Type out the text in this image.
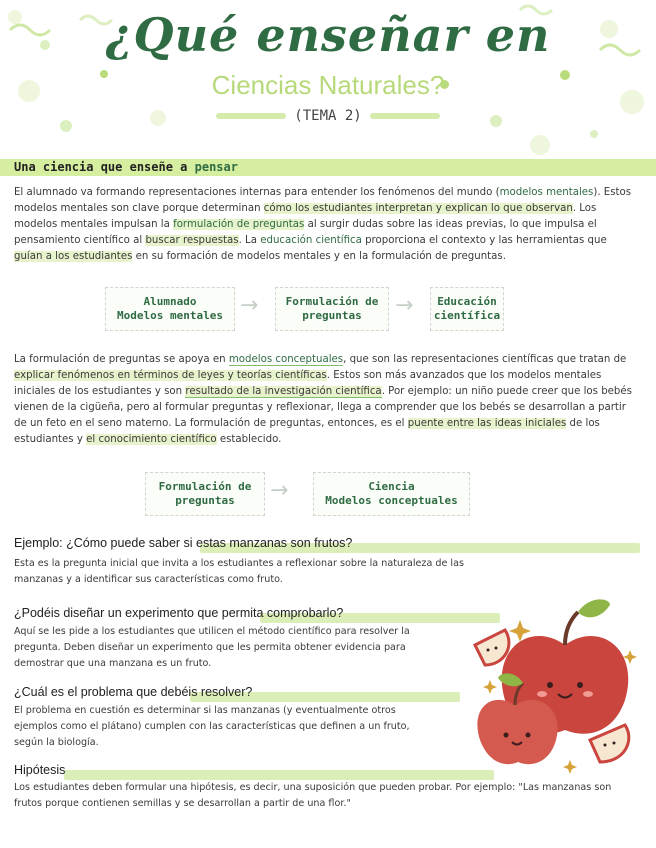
¿Qué enseñar en
Ciencias Naturales?
(TEMA 2)
Una ciencia que enseñe a pensar
El alumnado va formando representaciones internas para entender los fenómenos del mundo (modelos mentales). Estos modelos mentales son clave porque determinan cómo los estudiantes interpretan y explican lo que observan. Los modelos mentales impulsan la formulación de preguntas al surgir dudas sobre las ideas previas, lo que impulsa el pensamiento científico al buscar respuestas. La educación científica proporciona el contexto y las herramientas que guían a los estudiantes en su formación de modelos mentales y en la formulación de preguntas.
Alumnado
Modelos mentales → Formulación de
preguntas → Educación
científica
La formulación de preguntas se apoya en modelos conceptuales, que son las representaciones científicas que tratan de explicar fenómenos en términos de leyes y teorías científicas. Estos son más avanzados que los modelos mentales iniciales de los estudiantes y son resultado de la investigación científica. Por ejemplo: un niño puede creer que los bebés vienen de la cigüeña, pero al formular preguntas y reflexionar, llega a comprender que los bebés se desarrollan a partir de un feto en el seno materno. La formulación de preguntas, entonces, es el puente entre las ideas iniciales de los estudiantes y el conocimiento científico establecido.
Formulación de
preguntas →	Ciencia
Modelos conceptuales
Ejemplo: ¿Cómo puede saber si estas manzanas son frutos?
Esta es la pregunta inicial que invita a los estudiantes a reflexionar sobre la naturaleza de las manzanas y a identificar sus características como fruto.
¿Podéis diseñar un experimento que permita comprobarlo?
Aquí se les pide a los estudiantes que utilicen el método científico para resolver la pregunta. Deben diseñar un experimento que les permita obtener evidencia para demostrar que una manzana es un fruto.
¿Cuál es el problema que debéis resolver?
El problema en cuestión es determinar si las manzanas (y eventualmente otros ejemplos como el plátano) cumplen con las características que definen a un fruto, según la biología.
Hipótesis
Los estudiantes deben formular una hipótesis, es decir, una suposición que pueden probar. Por ejemplo: "Las manzanas son frutos porque contienen semillas y se desarrollan a partir de una flor."
